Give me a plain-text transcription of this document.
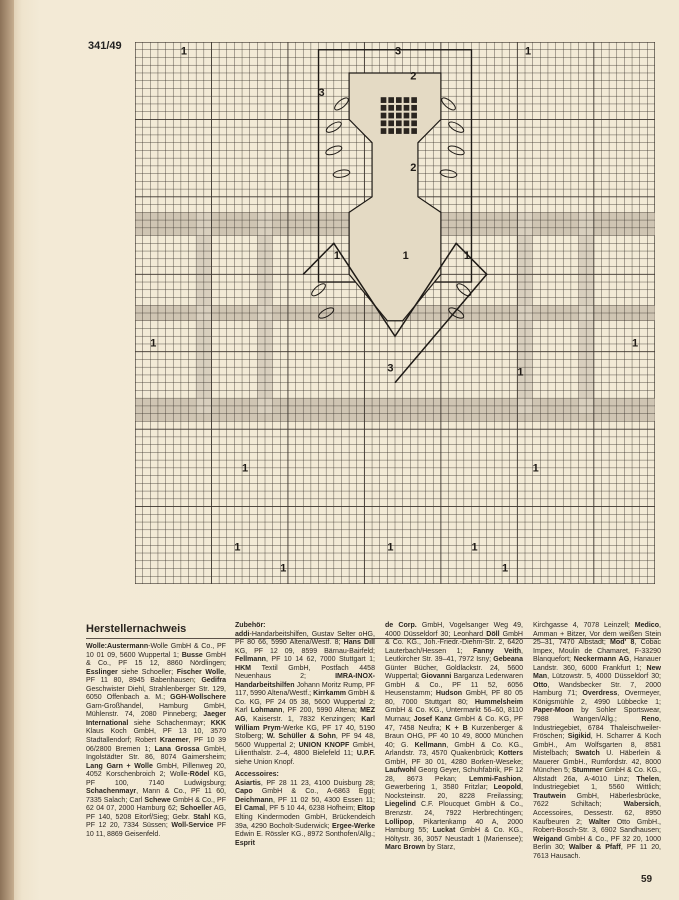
341/49	1	1
3
2
3
2
1	1	1
1	1
1
3
1	1
1	1	1
1
1
Herstellernachweis

Wolle:Austermann-Wolle GmbH & Co., PF 10 01 09, 5600 Wuppertal 1; Busse GmbH & Co., PF 15 12, 8860 Nördlingen; Esslinger siehe Schoeller; Fischer Wolle, PF 11 80, 8945 Babenhausen; Gedifra Geschwister Diehl, Strahlenberger Str. 129, 6050 Offenbach a. M.; GGH-Wollschere Garn-Großhandel, Hamburg GmbH, Mühlenstr. 74, 2080 Pinneberg; Jaeger International siehe Schachenmayr; KKK Klaus Koch GmbH, PF 13 10, 3570 Stadtallendorf; Robert Kraemer, PF 10 39 06/2800 Bremen 1; Lana Grossa GmbH, Ingolstädter Str. 86, 8074 Gaimersheim; Lang Garn + Wolle GmbH, Pillenweg 20, 4052 Korschenbroich 2; Wolle-Rödel KG, PF 100, 7140 Ludwigsburg; Schachenmayr, Mann & Co., PF 11 60, 7335 Salach; Carl Schewe GmbH & Co., PF 62 04 07, 2000 Hamburg 62; Schoeller AG, PF 140, 5208 Eitorf/Sieg; Gebr. Stahl KG, PF 12 20, 7334 Süssen; Woll-Service PF 10 11, 8869 Geisenfeld.

Zubehör:
addi-Handarbeitshilfen, Gustav Selter oHG, PF 80 66, 5990 Altena/Westf. 8; Hans Dill KG, PF 12 09, 8599 Bärnau-Bairfeld; Fellmann, PF 10 14 62, 7000 Stuttgart 1; HKM Textil GmbH, Postfach 4458 Neuenhaus 2; IMRA-INOX-Handarbeitshilfen Johann Moritz Rump, PF 117, 5990 Altena/Westf.; Kirrkamm GmbH & Co. KG, PF 24 05 38, 5600 Wuppertal 2; Karl Lohmann, PF 200, 5990 Altena; MEZ AG, Kaiserstr. 1, 7832 Kenzingen; Karl William Prym-Werke KG, PF 17 40, 5190 Stolberg; W. Schüller & Sohn, PF 94 48, 5600 Wuppertal 2; UNION KNOPF GmbH, Lilienthalstr. 2–4, 4800 Bielefeld 11; U.P.F. siehe Union Knopf.

Accessoires:
Asiartis, PF 28 11 23, 4100 Duisburg 28; Capo GmbH & Co., A-6863 Eggi; Deichmann, PF 11 02 50, 4300 Essen 11; El Camal, PF 5 10 44, 6238 Hofheim; Eltop Elting Kindermoden GmbH, Brückendeich 39a, 4290 Bocholt-Suderwick; Ergee-Werke Edwin E. Rössler KG., 8972 Sonthofen/Allg.; Esprit

de Corp. GmbH, Vogelsanger Weg 49, 4000 Düsseldorf 30; Leonhard Döll GmbH & Co. KG., Joh.-Friedr.-Diehm-Str. 2, 6420 Lauterbach/Hessen 1; Fanny Veith, Leutkircher Str. 39–41, 7972 Isny; Gebeana Günter Bücher, Goldlackstr. 24, 5600 Wuppertal; Giovanni Barganza Lederwaren GmbH & Co., PF 11 52, 6056 Heusenstamm; Hudson GmbH, PF 80 05 80, 7000 Stuttgart 80; Hummelsheim GmbH & Co. KG., Untermarkt 56–60, 8110 Murnau; Josef Kanz GmbH & Co. KG, PF 47, 7458 Neufra; K + B Kurzenberger & Braun OHG, PF 40 10 49, 8000 München 40; G. Kellmann, GmbH & Co. KG., Arlandstr. 73, 4570 Quakenbrück; Kotters GmbH, PF 30 01, 4280 Borken-Weseke; Laufwohl Georg Geyer, Schuhfabrik, PF 12 28, 8673 Pekan; Lemmi-Fashion, Gewerbering 1, 3580 Fritzlar; Leopold, Nocksteinstr. 20, 8228 Freilassing; Liegelind C.F. Ploucquet GmbH & Co., Brenzstr. 24, 7922 Herbrechtingen; Lollipop, Pikartenkamp 40 A, 2000 Hamburg 55; Luckat GmbH & Co. KG., Höltystr. 36, 3057 Neustadt 1 (Mariensee); Marc Brown by Starz,

Kirchgasse 4, 7078 Leinzell; Medico, Amman + Bitzer, Vor dem weißen Stein 25–31, 7470 Albstadt; Mod' 8, Cobac Impex, Moulin de Chamaret, F-33290 Blanquefort; Neckermann AG, Hanauer Landstr. 360, 6000 Frankfurt 1; New Man, Lützowstr. 5, 4000 Düsseldorf 30; Otto, Wandsbecker Str. 7, 2000 Hamburg 71; Overdress, Overmeyer, Königsmühle 2, 4990 Lübbecke 1; Paper-Moon by Sohler Sportswear, 7988 Wangen/Allg.; Reno, Industriegebiet, 6784 Thaleischweiler-Fröschen; Sigikid, H. Scharrer & Koch GmbH., Am Wolfsgarten 8, 8581 Mistelbach; Swatch U. Häberlein & Mauerer GmbH., Rumfordstr. 42, 8000 München 5; Stummer GmbH & Co. KG., Altstadt 26a, A-4010 Linz; Thelen, Industriegebiet 1, 5560 Wittlich; Trautwein GmbH, Häberlesbrücke, 7622 Schiltach; Wabersich, Accessoires, Dessestr. 62, 8950 Kaufbeuren 2; Walter Otto GmbH., Robert-Bosch-Str. 3, 6902 Sandhausen; Weigand GmbH & Co., PF 32 20, 1000 Berlin 30; Walber & Pfaff, PF 11 20, 7613 Hausach.

59
